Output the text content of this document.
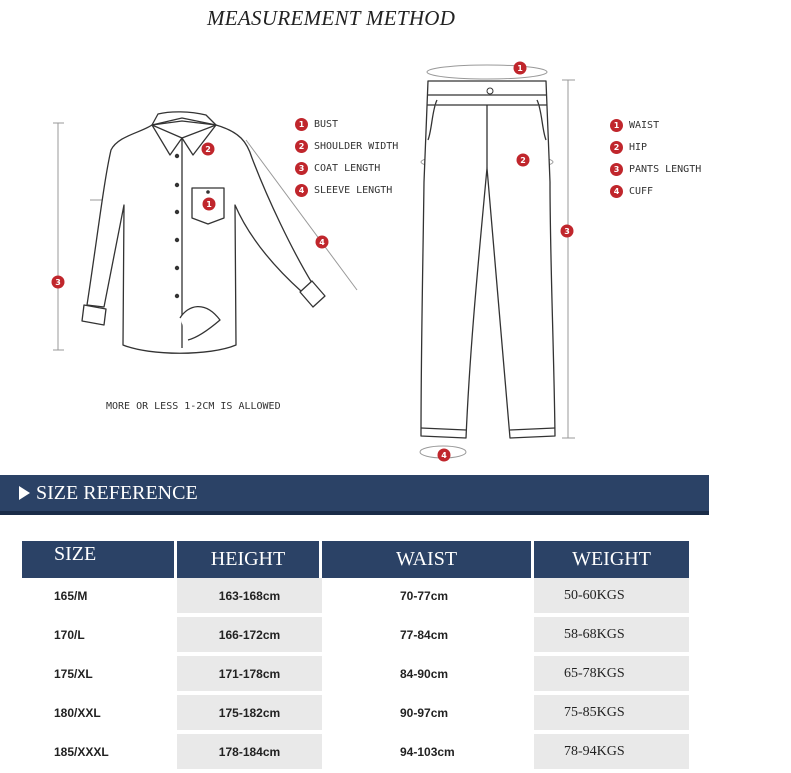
MEASUREMENT METHOD
2
1
3
4
1
2
3
4
1 BUST
2 SHOULDER WIDTH
3 COAT LENGTH
4 SLEEVE LENGTH
1 WAIST
2 HIP
3 PANTS LENGTH
4 CUFF
MORE OR LESS 1-2CM IS ALLOWED
SIZE REFERENCE
SIZE	HEIGHT	WAIST	WEIGHT
165/M	163-168cm	70-77cm	50-60KGS
170/L	166-172cm	77-84cm	58-68KGS
175/XL	171-178cm	84-90cm	65-78KGS
180/XXL	175-182cm	90-97cm	75-85KGS
185/XXXL	178-184cm	94-103cm	78-94KGS
